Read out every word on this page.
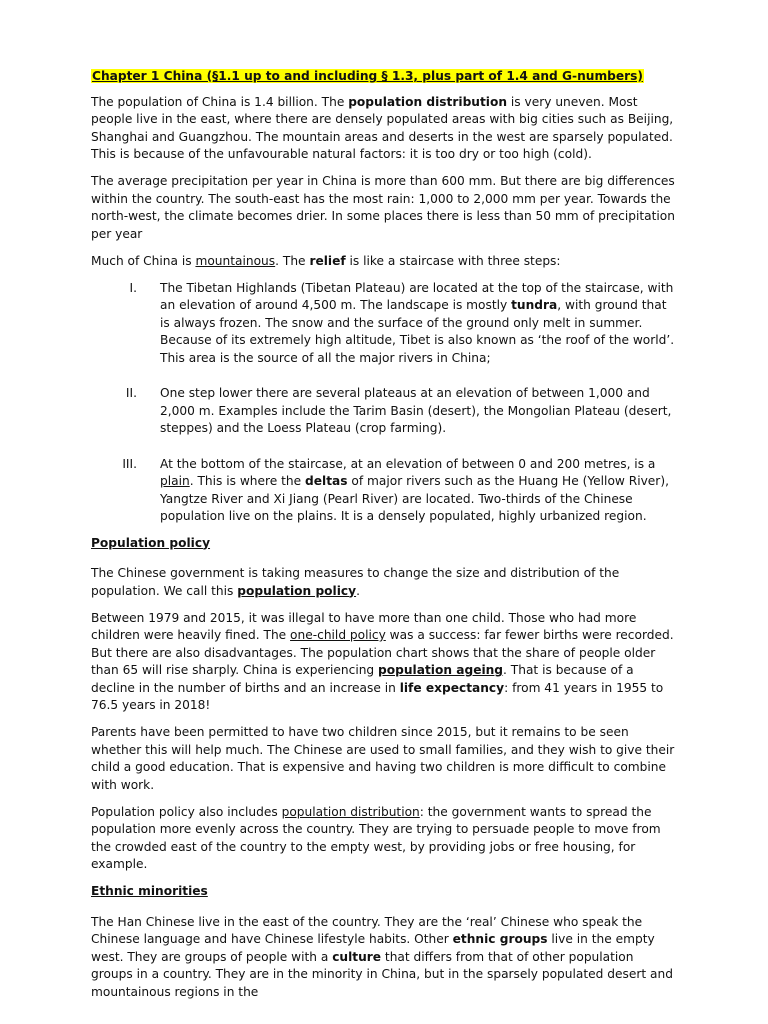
Chapter 1 China (§1.1 up to and including § 1.3, plus part of 1.4 and G-numbers)

The population of China is 1.4 billion. The population distribution is very uneven. Most people live in the east, where there are densely populated areas with big cities such as Beijing, Shanghai and Guangzhou. The mountain areas and deserts in the west are sparsely populated. This is because of the unfavourable natural factors: it is too dry or too high (cold).

The average precipitation per year in China is more than 600 mm. But there are big differences within the country. The south-east has the most rain: 1,000 to 2,000 mm per year. Towards the north-west, the climate becomes drier. In some places there is less than 50 mm of precipitation per year

Much of China is mountainous. The relief is like a staircase with three steps:

I. The Tibetan Highlands (Tibetan Plateau) are located at the top of the staircase, with an elevation of around 4,500 m. The landscape is mostly tundra, with ground that is always frozen. The snow and the surface of the ground only melt in summer. Because of its extremely high altitude, Tibet is also known as ‘the roof of the world’. This area is the source of all the major rivers in China;
II. One step lower there are several plateaus at an elevation of between 1,000 and 2,000 m. Examples include the Tarim Basin (desert), the Mongolian Plateau (desert, steppes) and the Loess Plateau (crop farming).
III. At the bottom of the staircase, at an elevation of between 0 and 200 metres, is a plain. This is where the deltas of major rivers such as the Huang He (Yellow River), Yangtze River and Xi Jiang (Pearl River) are located. Two-thirds of the Chinese population live on the plains. It is a densely populated, highly urbanized region.
Population policy

The Chinese government is taking measures to change the size and distribution of the population. We call this population policy.

Between 1979 and 2015, it was illegal to have more than one child. Those who had more children were heavily fined. The one-child policy was a success: far fewer births were recorded. But there are also disadvantages. The population chart shows that the share of people older than 65 will rise sharply. China is experiencing population ageing. That is because of a decline in the number of births and an increase in life expectancy: from 41 years in 1955 to 76.5 years in 2018!

Parents have been permitted to have two children since 2015, but it remains to be seen whether this will help much. The Chinese are used to small families, and they wish to give their child a good education. That is expensive and having two children is more difficult to combine with work.

Population policy also includes population distribution: the government wants to spread the population more evenly across the country. They are trying to persuade people to move from the crowded east of the country to the empty west, by providing jobs or free housing, for example.

Ethnic minorities

The Han Chinese live in the east of the country. They are the ‘real’ Chinese who speak the Chinese language and have Chinese lifestyle habits. Other ethnic groups live in the empty west. They are groups of people with a culture that differs from that of other population groups in a country. They are in the minority in China, but in the sparsely populated desert and mountainous regions in the
